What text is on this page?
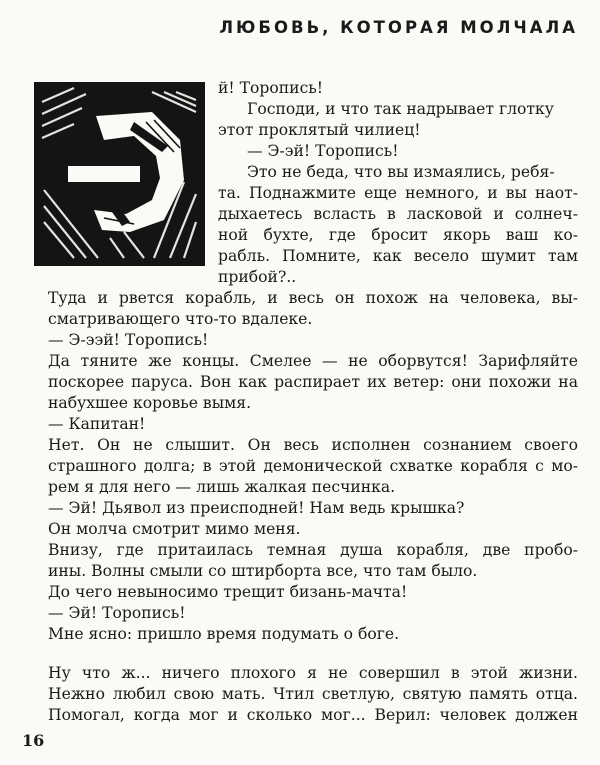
ЛЮБОВЬ, КОТОРАЯ МОЛЧАЛА
й! Торопись!
Господи, и что так надрывает глотку
этот проклятый чилиец!
— Э-эй! Торопись!
Это не беда, что вы измаялись, ребя-
та. Поднажмите еще немного, и вы наот-
дыхаетесь всласть в ласковой и солнеч-
ной бухте, где бросит якорь ваш ко-
рабль. Помните, как весело шумит там
прибой?..
Туда и рвется корабль, и весь он похож на человека, вы-
сматривающего что-то вдалеке.
— Э-ээй! Торопись!
Да тяните же концы. Смелее — не оборвутся! Зарифляйте
поскорее паруса. Вон как распирает их ветер: они похожи на
набухшее коровье вымя.
— Капитан!
Нет. Он не слышит. Он весь исполнен сознанием своего
страшного долга; в этой демонической схватке корабля с мо-
рем я для него — лишь жалкая песчинка.
— Эй! Дьявол из преисподней! Нам ведь крышка?
Он молча смотрит мимо меня.
Внизу, где притаилась темная душа корабля, две пробо-
ины. Волны смыли со штирборта все, что там было.
До чего невыносимо трещит бизань-мачта!
— Эй! Торопись!
Мне ясно: пришло время подумать о боге.
Ну что ж... ничего плохого я не совершил в этой жизни.
Нежно любил свою мать. Чтил светлую, святую память отца.
Помогал, когда мог и сколько мог... Верил: человек должен
16
